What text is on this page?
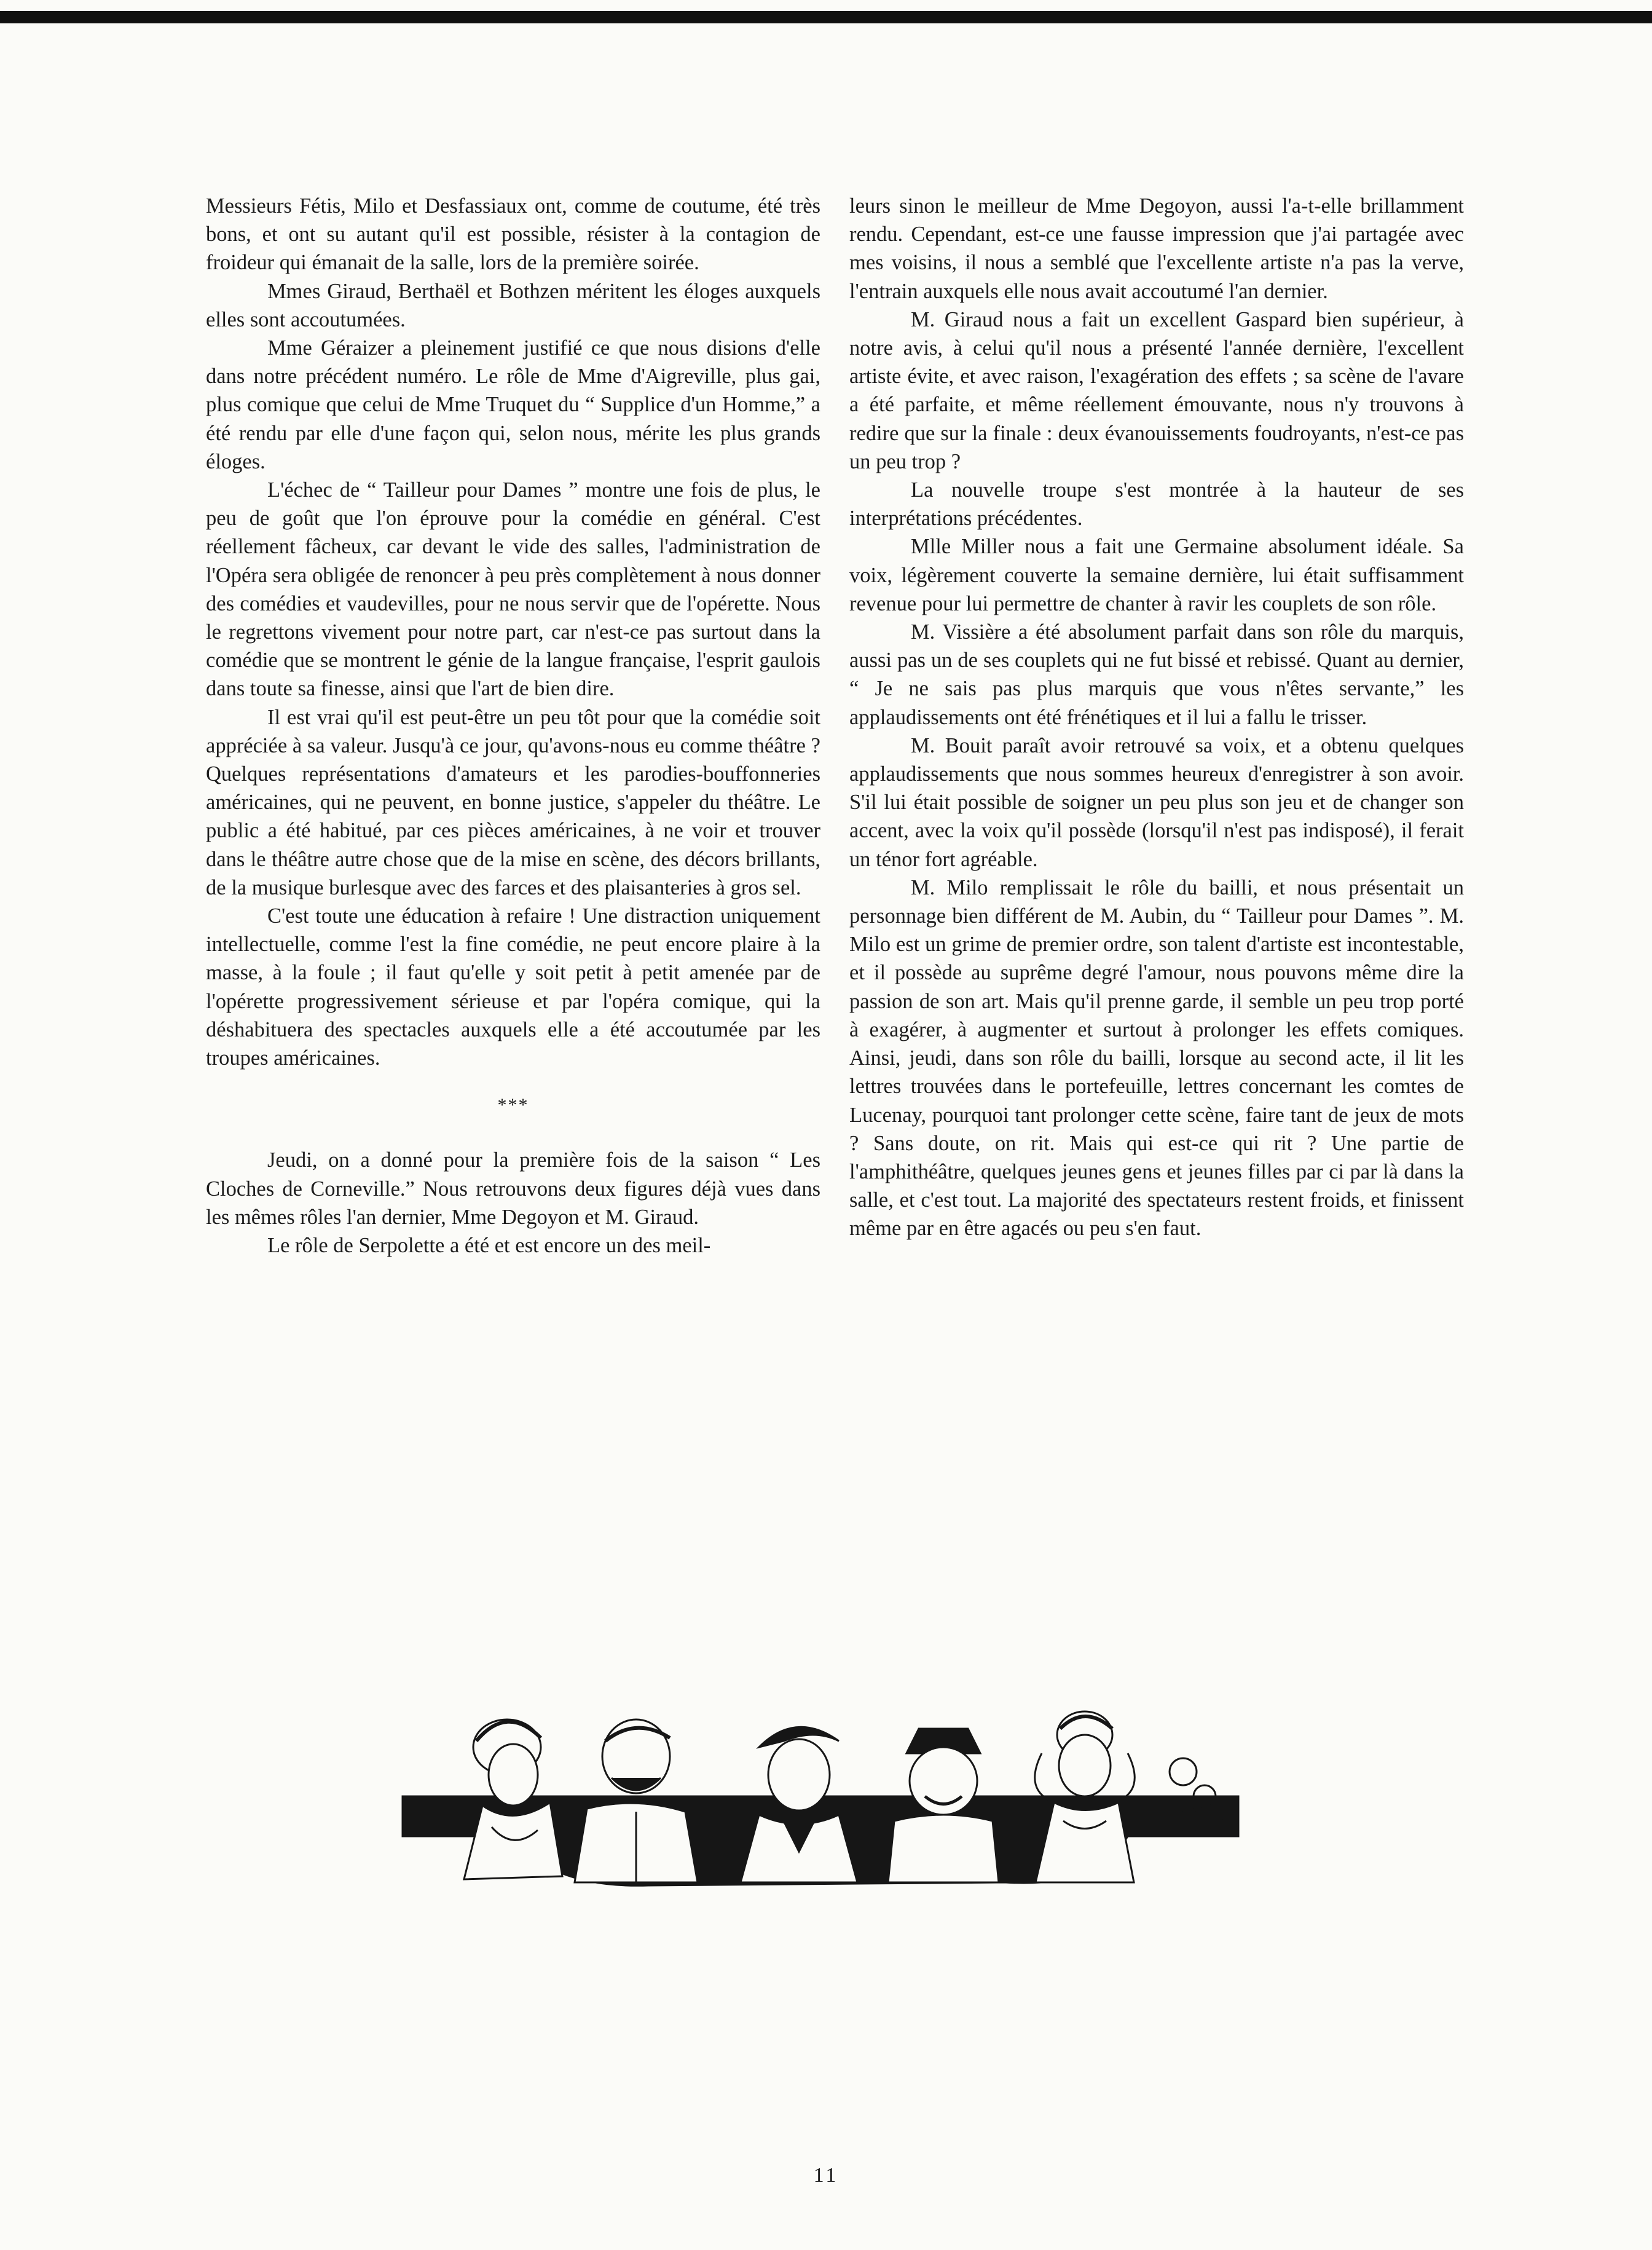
Messieurs Fétis, Milo et Desfassiaux ont, comme de coutume, été très bons, et ont su autant qu'il est possible, résister à la contagion de froideur qui émanait de la salle, lors de la première soirée.

Mmes Giraud, Berthaël et Bothzen méritent les éloges auxquels elles sont accoutumées.

Mme Géraizer a pleinement justifié ce que nous disions d'elle dans notre précédent numéro. Le rôle de Mme d'Aigreville, plus gai, plus comique que celui de Mme Truquet du “ Supplice d'un Homme,” a été rendu par elle d'une façon qui, selon nous, mérite les plus grands éloges.

L'échec de “ Tailleur pour Dames ” montre une fois de plus, le peu de goût que l'on éprouve pour la comédie en général. C'est réellement fâcheux, car devant le vide des salles, l'administration de l'Opéra sera obligée de renoncer à peu près complètement à nous donner des comédies et vaudevilles, pour ne nous servir que de l'opérette. Nous le regrettons vivement pour notre part, car n'est-ce pas surtout dans la comédie que se montrent le génie de la langue française, l'esprit gaulois dans toute sa finesse, ainsi que l'art de bien dire.

Il est vrai qu'il est peut-être un peu tôt pour que la comédie soit appréciée à sa valeur. Jusqu'à ce jour, qu'avons-nous eu comme théâtre ? Quelques représentations d'amateurs et les parodies-bouffonneries américaines, qui ne peuvent, en bonne justice, s'appeler du théâtre. Le public a été habitué, par ces pièces américaines, à ne voir et trouver dans le théâtre autre chose que de la mise en scène, des décors brillants, de la musique burlesque avec des farces et des plaisanteries à gros sel.

C'est toute une éducation à refaire ! Une distraction uniquement intellectuelle, comme l'est la fine comédie, ne peut encore plaire à la masse, à la foule ; il faut qu'elle y soit petit à petit amenée par de l'opérette progressivement sérieuse et par l'opéra comique, qui la déshabituera des spectacles auxquels elle a été accoutumée par les troupes américaines.

***

Jeudi, on a donné pour la première fois de la saison “ Les Cloches de Corneville.” Nous retrouvons deux figures déjà vues dans les mêmes rôles l'an dernier, Mme Degoyon et M. Giraud.

Le rôle de Serpolette a été et est encore un des meil-

leurs sinon le meilleur de Mme Degoyon, aussi l'a-t-elle brillamment rendu. Cependant, est-ce une fausse impression que j'ai partagée avec mes voisins, il nous a semblé que l'excellente artiste n'a pas la verve, l'entrain auxquels elle nous avait accoutumé l'an dernier.

M. Giraud nous a fait un excellent Gaspard bien supérieur, à notre avis, à celui qu'il nous a présenté l'année dernière, l'excellent artiste évite, et avec raison, l'exagération des effets ; sa scène de l'avare a été parfaite, et même réellement émouvante, nous n'y trouvons à redire que sur la finale : deux évanouissements foudroyants, n'est-ce pas un peu trop ?

La nouvelle troupe s'est montrée à la hauteur de ses interprétations précédentes.

Mlle Miller nous a fait une Germaine absolument idéale. Sa voix, légèrement couverte la semaine dernière, lui était suffisamment revenue pour lui permettre de chanter à ravir les couplets de son rôle.

M. Vissière a été absolument parfait dans son rôle du marquis, aussi pas un de ses couplets qui ne fut bissé et rebissé. Quant au dernier, “ Je ne sais pas plus marquis que vous n'êtes servante,” les applaudissements ont été frénétiques et il lui a fallu le trisser.

M. Bouit paraît avoir retrouvé sa voix, et a obtenu quelques applaudissements que nous sommes heureux d'enregistrer à son avoir. S'il lui était possible de soigner un peu plus son jeu et de changer son accent, avec la voix qu'il possède (lorsqu'il n'est pas indisposé), il ferait un ténor fort agréable.

M. Milo remplissait le rôle du bailli, et nous présentait un personnage bien différent de M. Aubin, du “ Tailleur pour Dames ”. M. Milo est un grime de premier ordre, son talent d'artiste est incontestable, et il possède au suprême degré l'amour, nous pouvons même dire la passion de son art. Mais qu'il prenne garde, il semble un peu trop porté à exagérer, à augmenter et surtout à prolonger les effets comiques. Ainsi, jeudi, dans son rôle du bailli, lorsque au second acte, il lit les lettres trouvées dans le portefeuille, lettres concernant les comtes de Lucenay, pourquoi tant prolonger cette scène, faire tant de jeux de mots ? Sans doute, on rit. Mais qui est-ce qui rit ? Une partie de l'amphithéâtre, quelques jeunes gens et jeunes filles par ci par là dans la salle, et c'est tout. La majorité des spectateurs restent froids, et finissent même par en être agacés ou peu s'en faut.

11
